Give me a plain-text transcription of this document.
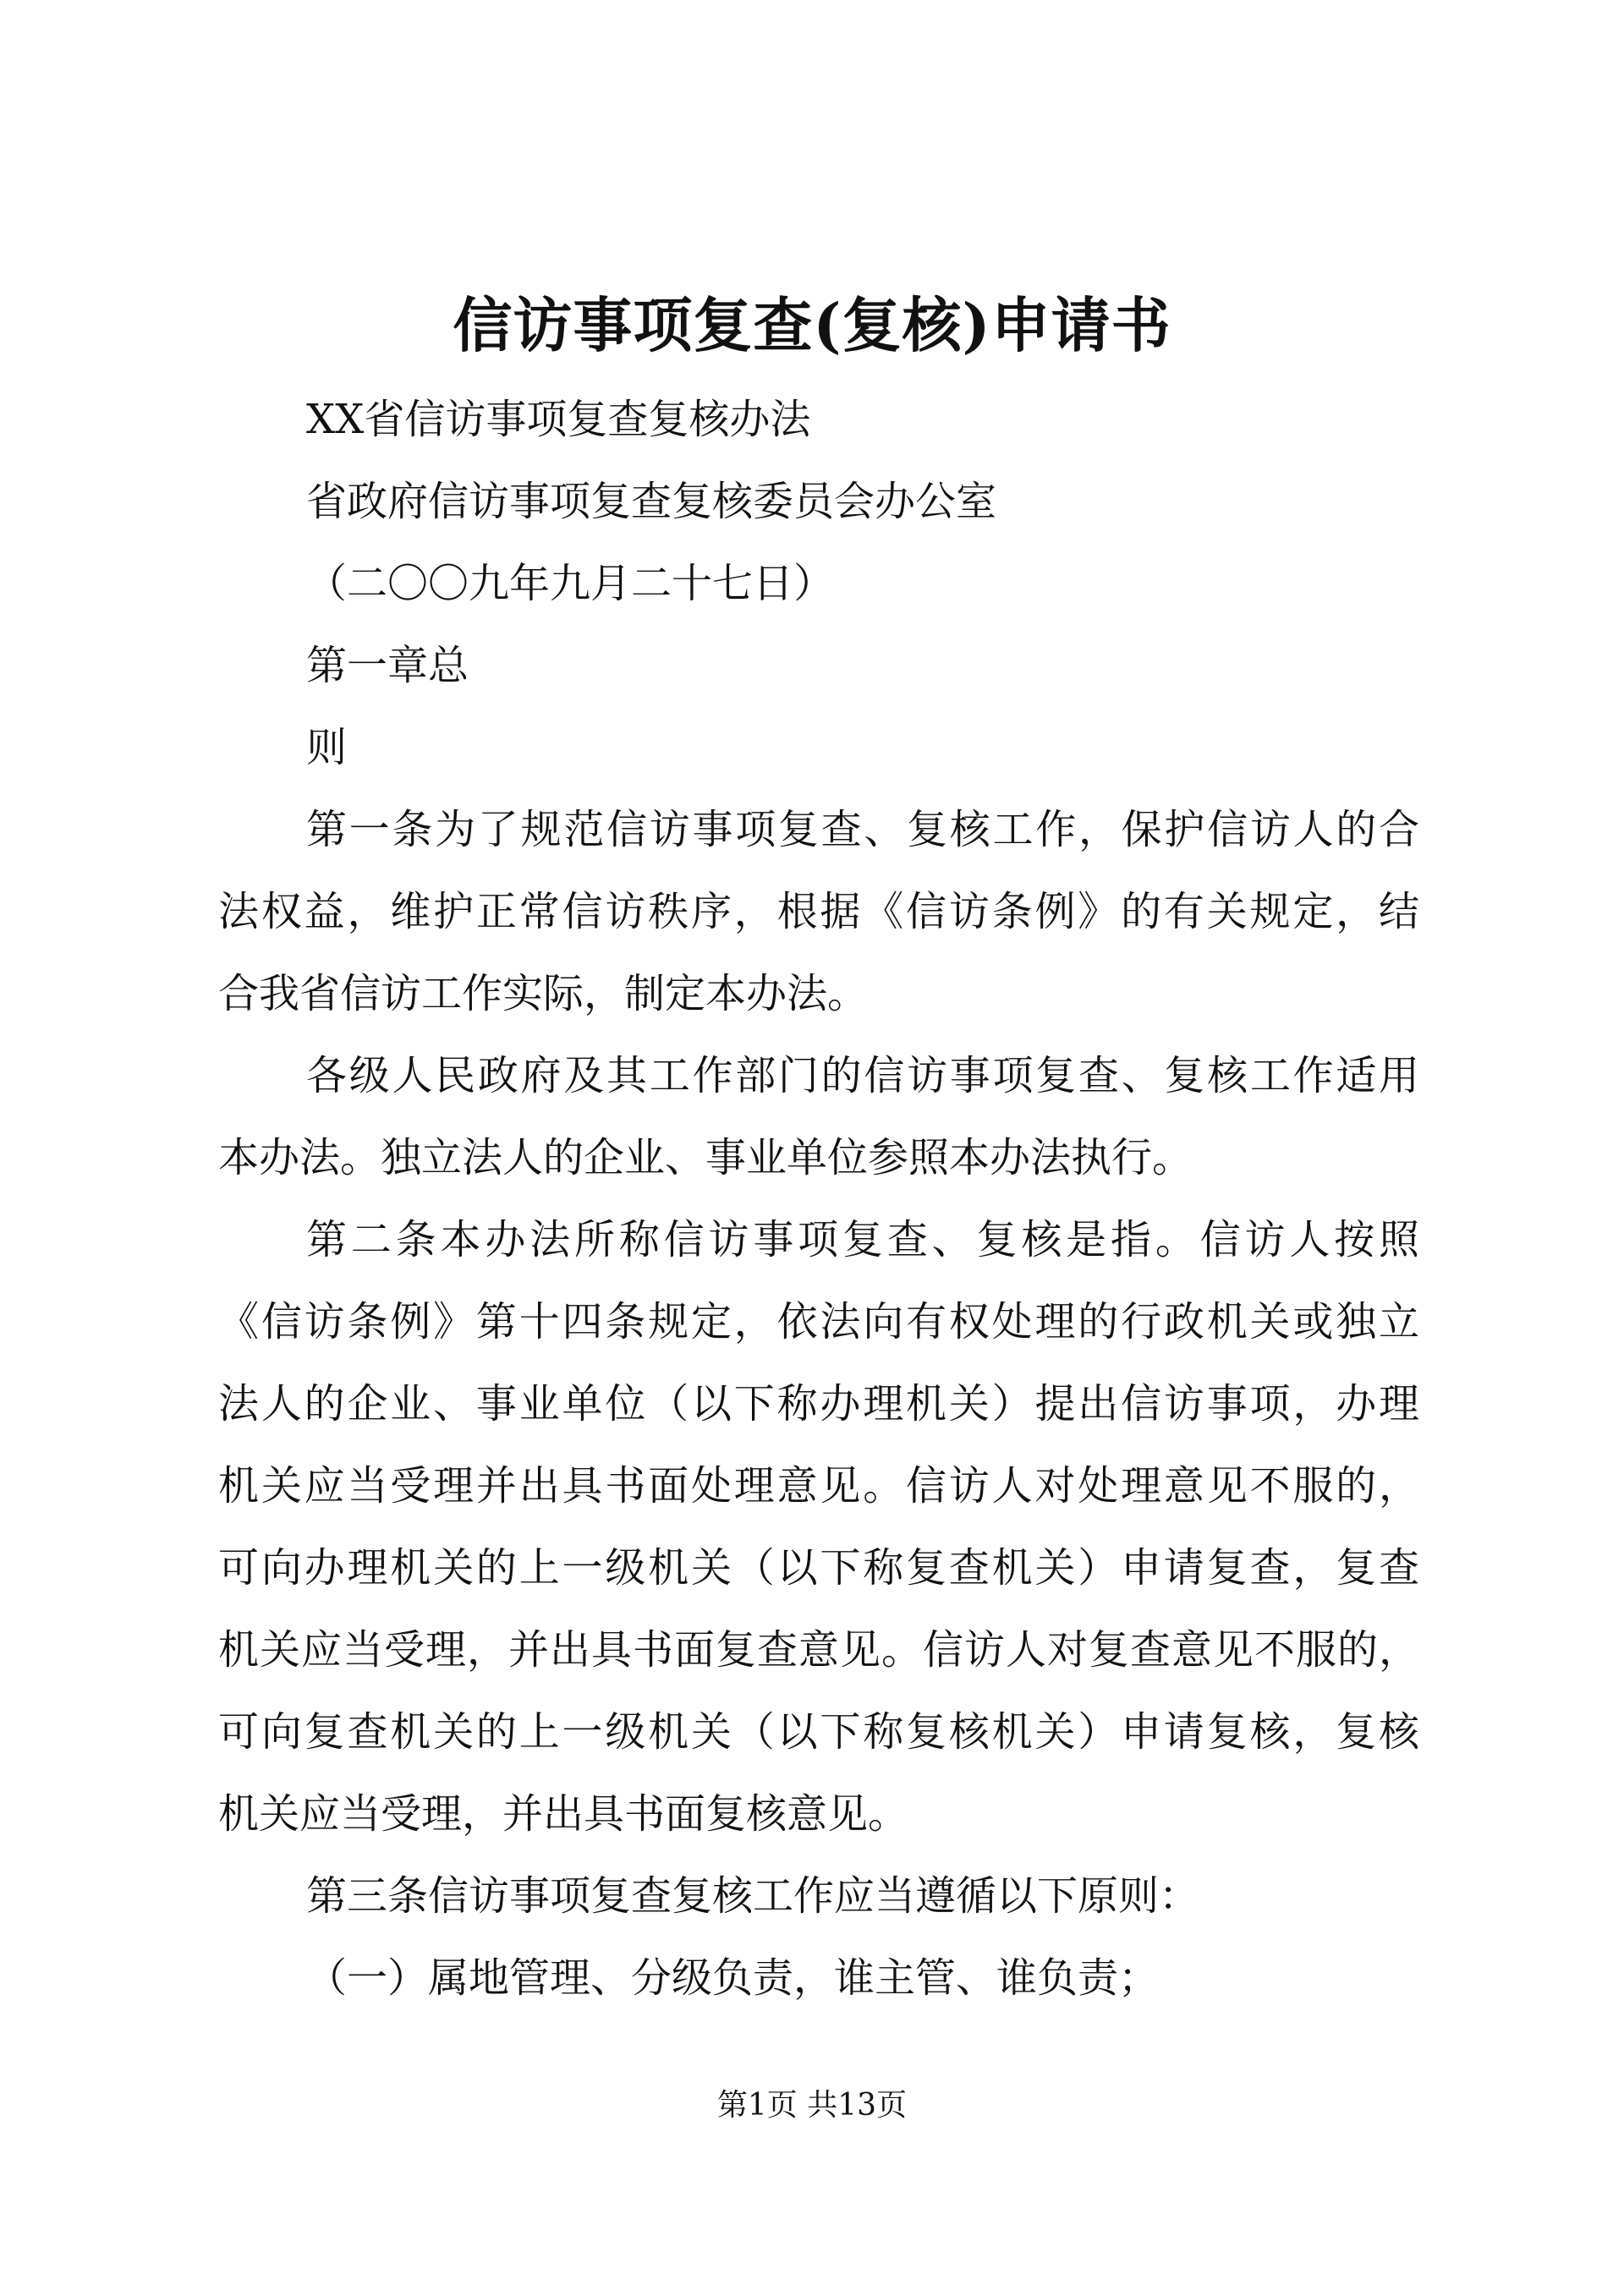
信访事项复查(复核)申请书
XX省信访事项复查复核办法
省政府信访事项复查复核委员会办公室
（二〇〇九年九月二十七日）
第一章总
则
第一条为了规范信访事项复查、复核工作，保护信访人的合
法权益，维护正常信访秩序，根据《信访条例》的有关规定，结
合我省信访工作实际，制定本办法。
各级人民政府及其工作部门的信访事项复查、复核工作适用
本办法。独立法人的企业、事业单位参照本办法执行。
第二条本办法所称信访事项复查、复核是指。信访人按照
《信访条例》第十四条规定，依法向有权处理的行政机关或独立
法人的企业、事业单位（以下称办理机关）提出信访事项，办理
机关应当受理并出具书面处理意见。信访人对处理意见不服的，
可向办理机关的上一级机关（以下称复查机关）申请复查，复查
机关应当受理，并出具书面复查意见。信访人对复查意见不服的，
可向复查机关的上一级机关（以下称复核机关）申请复核，复核
机关应当受理，并出具书面复核意见。
第三条信访事项复查复核工作应当遵循以下原则：
（一）属地管理、分级负责，谁主管、谁负责；
第1页 共13页
